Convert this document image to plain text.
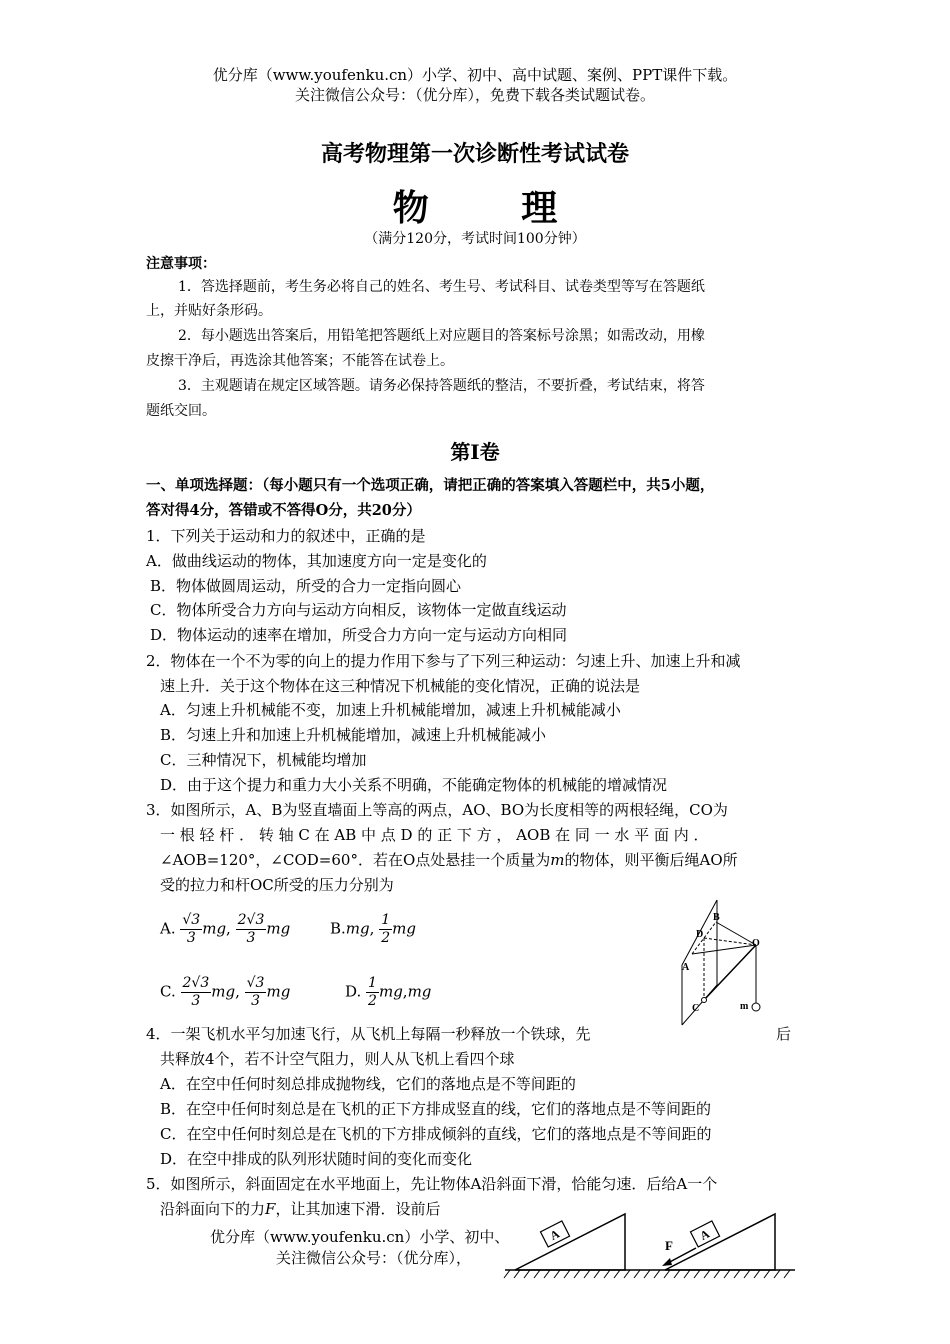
优分库（www.youfenku.cn）小学、初中、高中试题、案例、PPT课件下载。
关注微信公众号：（优分库），免费下载各类试题试卷。
高考物理第一次诊断性考试试卷
物 理
（满分120分，考试时间100分钟）
注意事项：
1．答选择题前，考生务必将自己的姓名、考生号、考试科目、试卷类型等写在答题纸
上，并贴好条形码。
2．每小题选出答案后，用铅笔把答题纸上对应题目的答案标号涂黑；如需改动，用橡
皮擦干净后，再选涂其他答案；不能答在试卷上。
3．主观题请在规定区域答题。请务必保持答题纸的整洁，不要折叠，考试结束，将答
题纸交回。
第Ⅰ卷
一、单项选择题：（每小题只有一个选项正确，请把正确的答案填入答题栏中，共5小题，
答对得4分，答错或不答得O分，共20分）
1．下列关于运动和力的叙述中，正确的是
A．做曲线运动的物体，其加速度方向一定是变化的
B．物体做圆周运动，所受的合力一定指向圆心
C．物体所受合力方向与运动方向相反，该物体一定做直线运动
D．物体运动的速率在增加，所受合力方向一定与运动方向相同
2．物体在一个不为零的向上的提力作用下参与了下列三种运动：匀速上升、加速上升和减
速上升．关于这个物体在这三种情况下机械能的变化情况，正确的说法是
A．匀速上升机械能不变，加速上升机械能增加，减速上升机械能减小
B．匀速上升和加速上升机械能增加，减速上升机械能减小
C．三种情况下，机械能均增加
D．由于这个提力和重力大小关系不明确，不能确定物体的机械能的增减情况
3．如图所示，A、B为竖直墙面上等高的两点，AO、BO为长度相等的两根轻绳，CO为
一 根 轻 杆 ． 转 轴 C 在 AB 中 点 D 的 正 下 方 ， AOB 在 同 一 水 平 面 内 ．
∠AOB=120°，∠COD=60°．若在O点处悬挂一个质量为m的物体，则平衡后绳AO所
受的拉力和杆OC所受的压力分别为
A. $\frac{√3}{3}$ mg, $\frac{2√3}{3}$ mg	B.mg, $\frac{1}{2}$ mg
C. $\frac{2√3}{3}$ mg, $\frac{√3}{3}$ mg	D. $\frac{1}{2} mg,mg$
B
D
O
A
C	m
4．一架飞机水平匀加速飞行，从飞机上每隔一秒释放一个铁球，先	后
共释放4个，若不计空气阻力，则人从飞机上看四个球
A．在空中任何时刻总排成抛物线，它们的落地点是不等间距的
B．在空中任何时刻总是在飞机的正下方排成竖直的线，它们的落地点是不等间距的
C．在空中任何时刻总是在飞机的下方排成倾斜的直线，它们的落地点是不等间距的
D．在空中排成的队列形状随时间的变化而变化
5．如图所示，斜面固定在水平地面上，先让物体A沿斜面下滑，恰能匀速．后给A一个
沿斜面向下的力F，让其加速下滑．设前后
优分库（www.youfenku.cn）小学、初中、
关注微信公众号：（优分库），
A	A
F
